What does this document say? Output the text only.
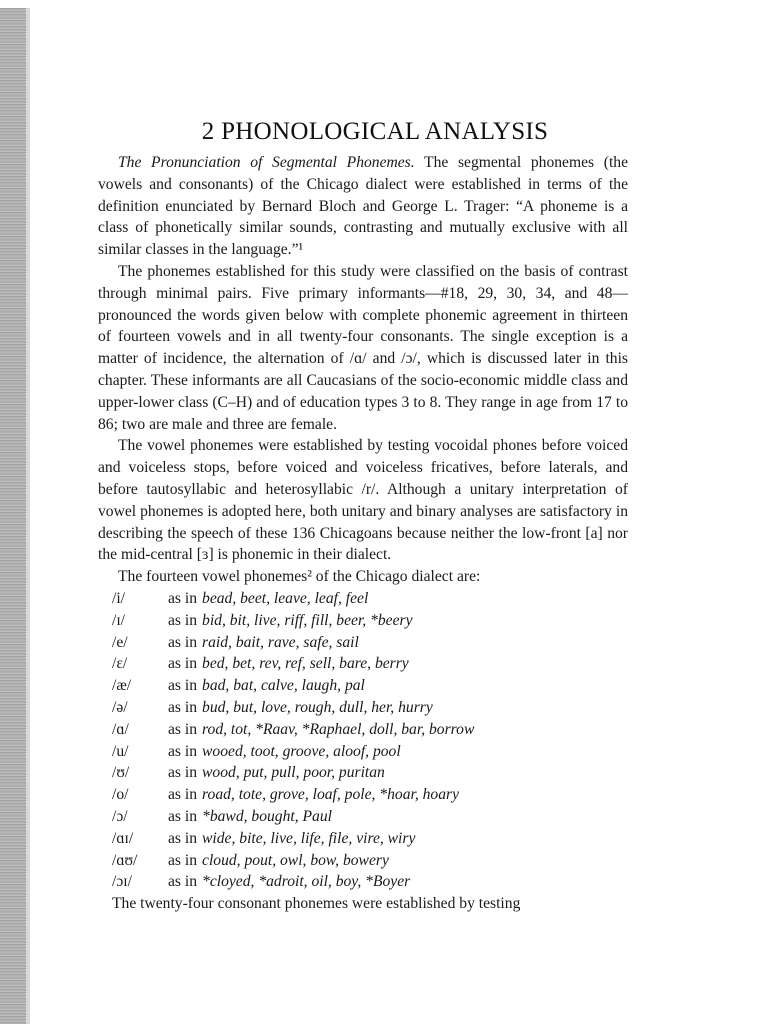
2 PHONOLOGICAL ANALYSIS

The Pronunciation of Segmental Phonemes. The segmental phonemes (the vowels and consonants) of the Chicago dialect were established in terms of the definition enunciated by Bernard Bloch and George L. Trager: “A phoneme is a class of phonetically similar sounds, contrasting and mutually exclusive with all similar classes in the language.”¹

The phonemes established for this study were classified on the basis of contrast through minimal pairs. Five primary informants—#18, 29, 30, 34, and 48—pronounced the words given below with complete phonemic agreement in thirteen of fourteen vowels and in all twenty-four consonants. The single exception is a matter of incidence, the alternation of /ɑ/ and /ɔ/, which is discussed later in this chapter. These informants are all Caucasians of the socio-economic middle class and upper-lower class (C–H) and of education types 3 to 8. They range in age from 17 to 86; two are male and three are female.

The vowel phonemes were established by testing vocoidal phones before voiced and voiceless stops, before voiced and voiceless fricatives, before laterals, and before tautosyllabic and heterosyllabic /r/. Although a unitary interpretation of vowel phonemes is adopted here, both unitary and binary analyses are satisfactory in describing the speech of these 136 Chicagoans because neither the low-front [a] nor the mid-central [ɜ] is phonemic in their dialect.

The fourteen vowel phonemes² of the Chicago dialect are:

/i/	as in bead, beet, leave, leaf, feel
/ɪ/	as in bid, bit, live, riff, fill, beer, *beery
/e/	as in raid, bait, rave, safe, sail
/ɛ/	as in bed, bet, rev, ref, sell, bare, berry
/æ/	as in bad, bat, calve, laugh, pal
/ə/	as in bud, but, love, rough, dull, her, hurry
/ɑ/	as in rod, tot, *Raav, *Raphael, doll, bar, borrow
/u/	as in wooed, toot, groove, aloof, pool
/ʊ/	as in wood, put, pull, poor, puritan
/o/	as in road, tote, grove, loaf, pole, *hoar, hoary
/ɔ/	as in *bawd, bought, Paul
/ɑɪ/	as in wide, bite, live, life, file, vire, wiry
/ɑʊ/	as in cloud, pout, owl, bow, bowery
/ɔɪ/	as in *cloyed, *adroit, oil, boy, *Boyer

The twenty-four consonant phonemes were established by testing
